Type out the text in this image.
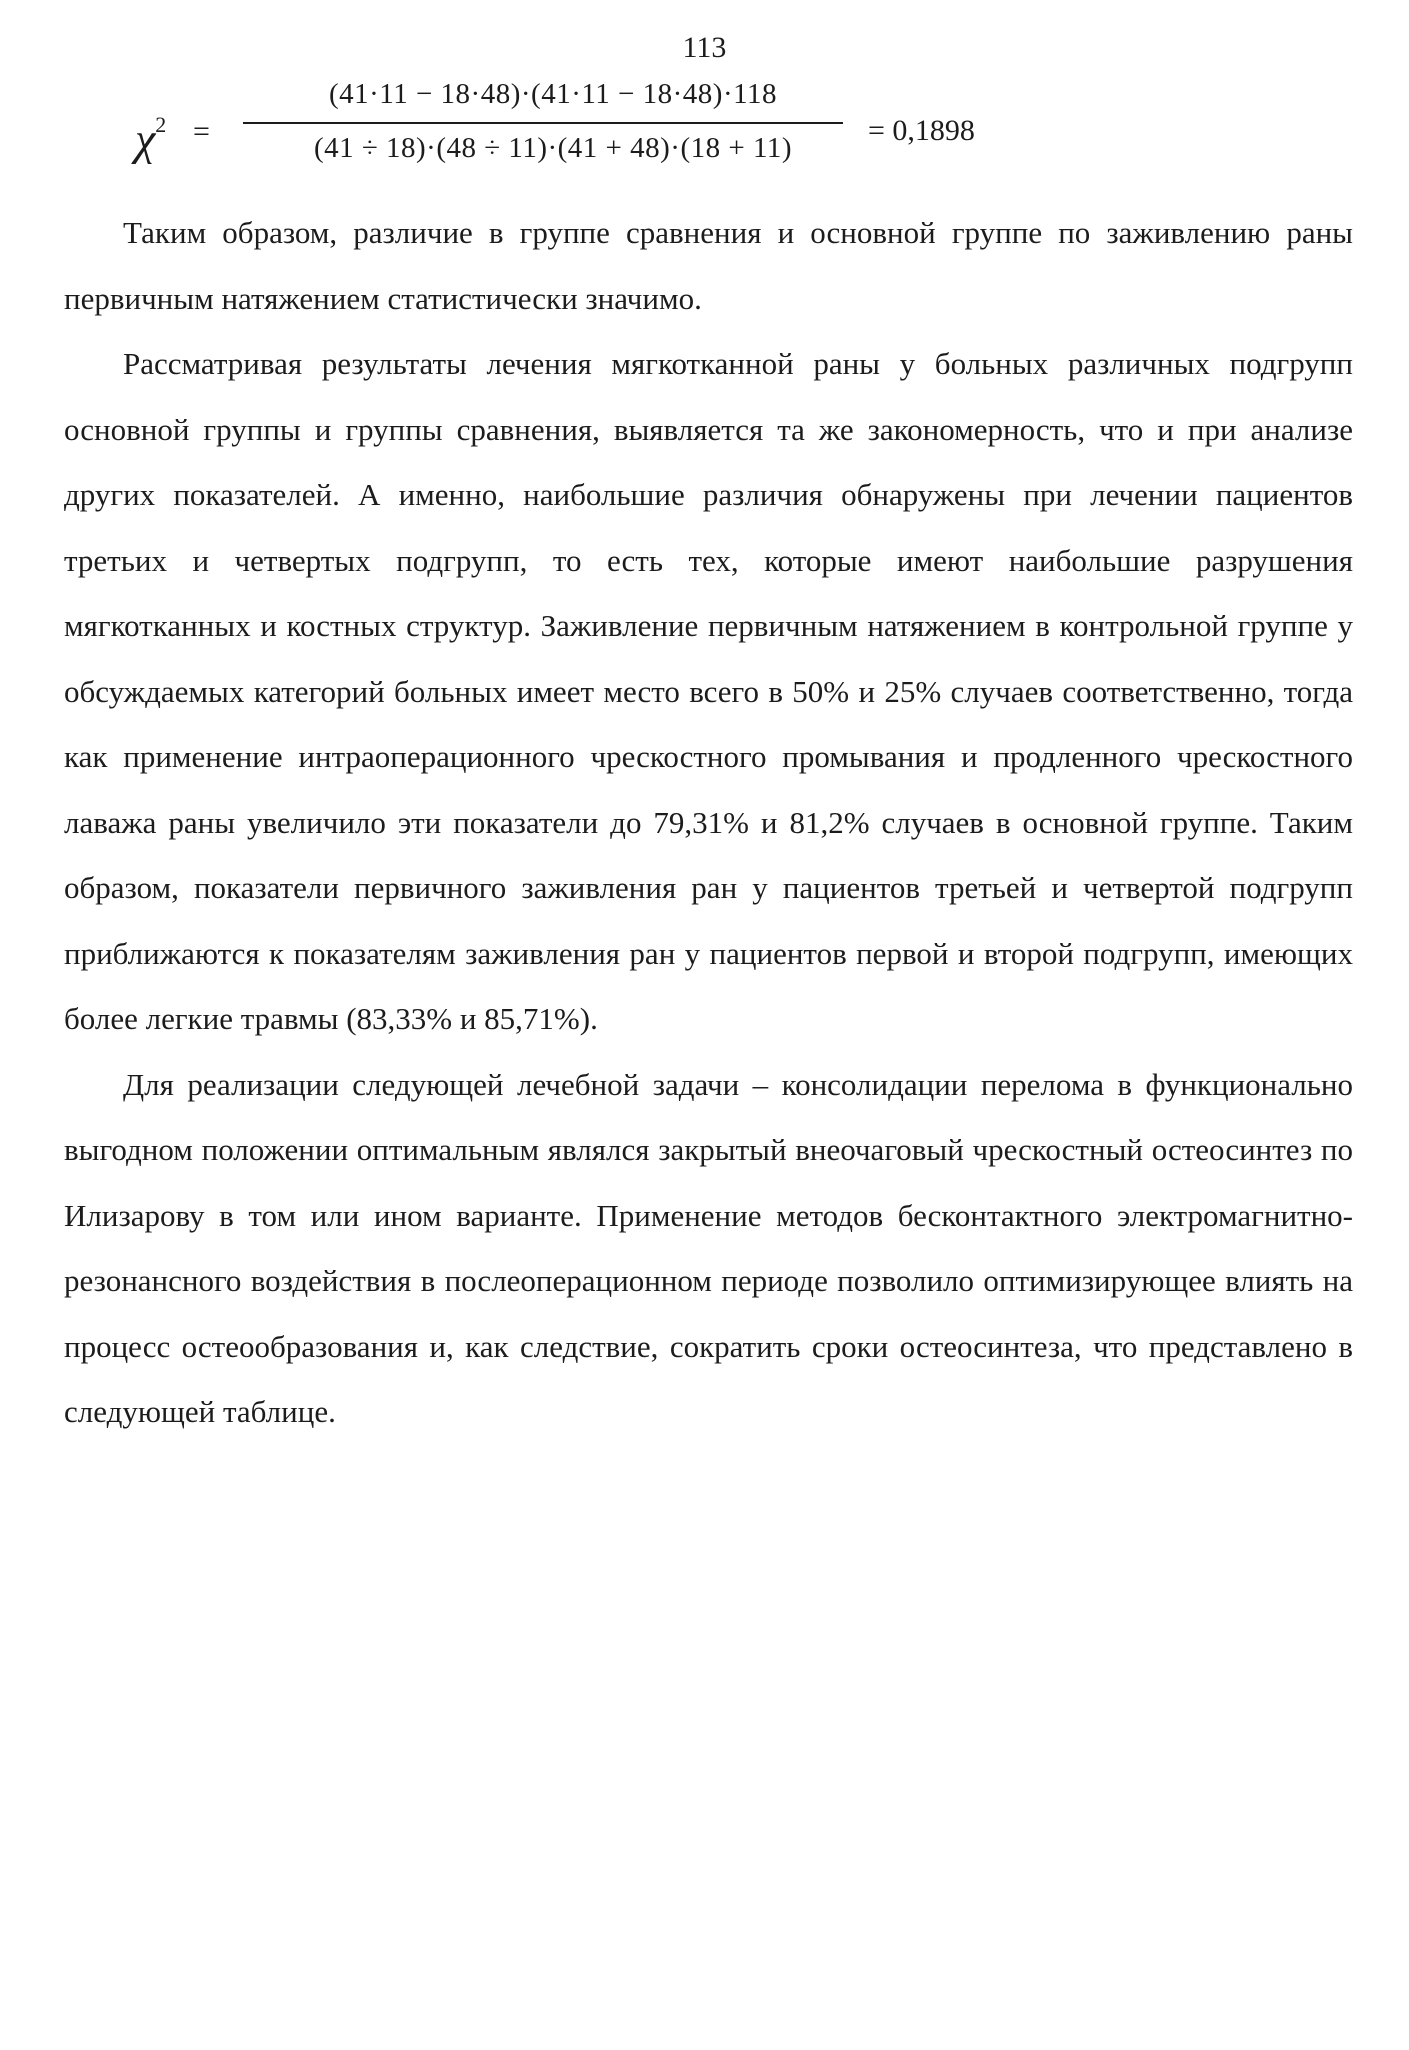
113
$\chi^2$ =
(41·11 − 18·48)·(41·11 − 18·48)·118
(41 ÷ 18)·(48 ÷ 11)·(41 + 48)·(18 + 11)
= 0,1898

Таким образом, различие в группе сравнения и основной группе по заживлению раны первичным натяжением статистически значимо.

Рассматривая результаты лечения мягкотканной раны у больных различных подгрупп основной группы и группы сравнения, выявляется та же закономерность, что и при анализе других показателей. А именно, наибольшие различия обнаружены при лечении пациентов третьих и четвертых подгрупп, то есть тех, которые имеют наибольшие разрушения мягкотканных и костных структур. Заживление первичным натяжением в контрольной группе у обсуждаемых категорий больных имеет место всего в 50% и 25% случаев соответственно, тогда как применение интраоперационного чрескостного промывания и продленного чрескостного лаважа раны увеличило эти показатели до 79,31% и 81,2% случаев в основной группе. Таким образом, показатели первичного заживления ран у пациентов третьей и четвертой подгрупп приближаются к показателям заживления ран у пациентов первой и второй подгрупп, имеющих более легкие травмы (83,33% и 85,71%).

Для реализации следующей лечебной задачи – консолидации перелома в функционально выгодном положении оптимальным являлся закрытый внеочаговый чрескостный остеосинтез по Илизарову в том или ином варианте. Применение методов бесконтактного электромагнитно-резонансного воздействия в послеоперационном периоде позволило оптимизирующее влиять на процесс остеообразования и, как следствие, сократить сроки остеосинтеза, что представлено в следующей таблице.
